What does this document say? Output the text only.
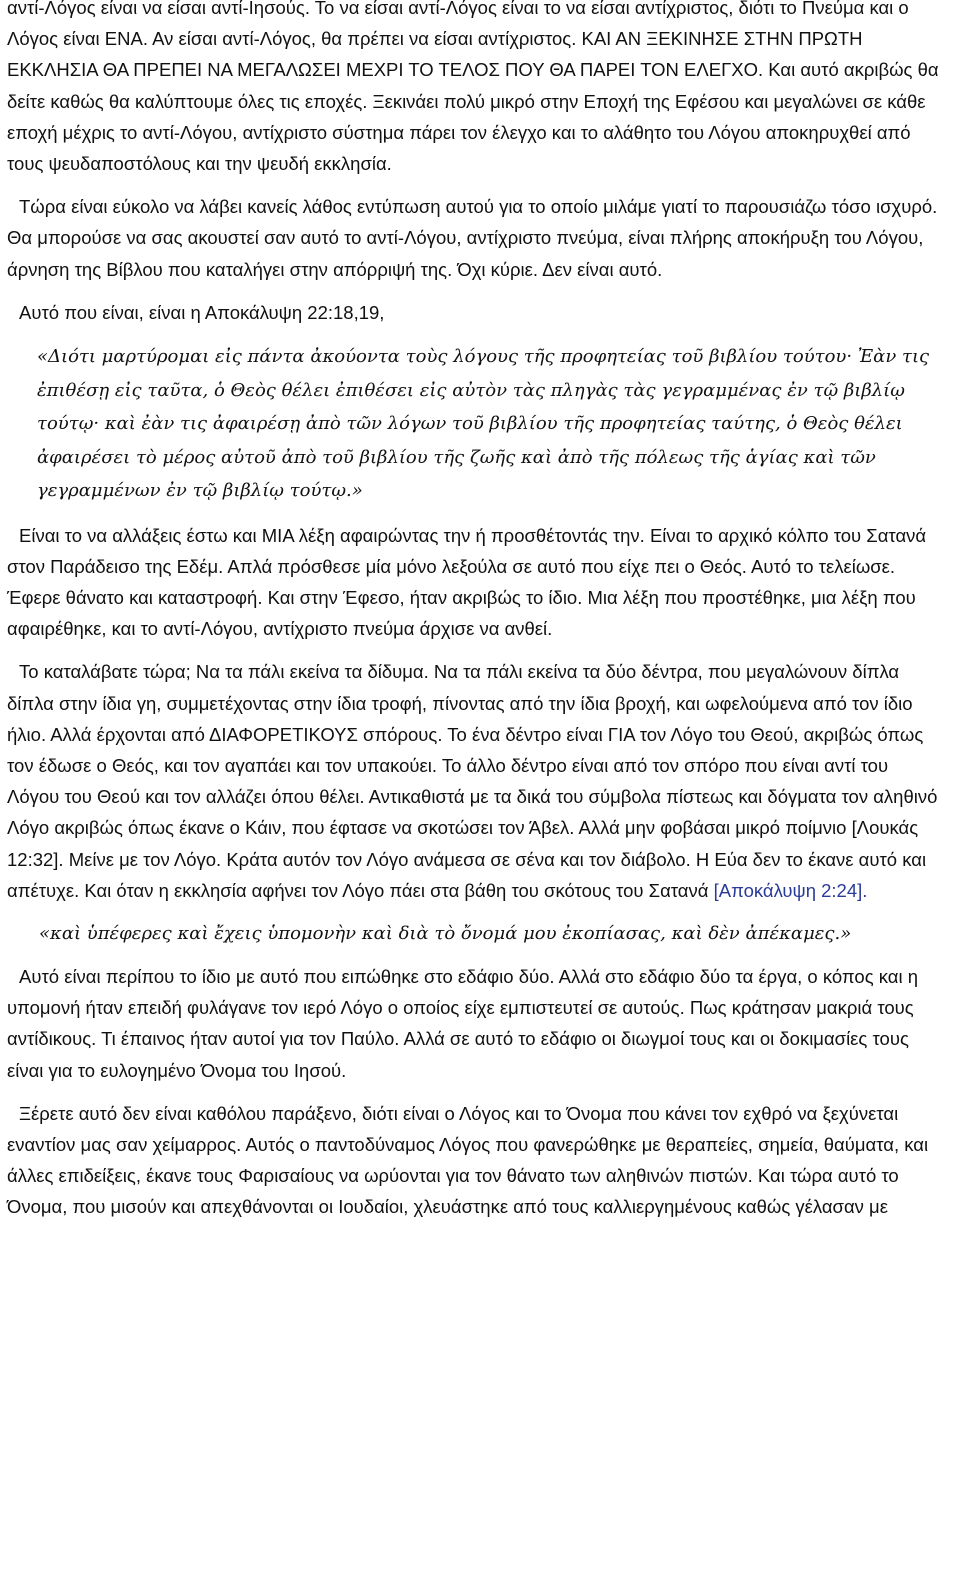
αντί-Λόγος είναι να είσαι αντί-Ιησούς. Το να είσαι αντί-Λόγος είναι το να είσαι αντίχριστος, διότι το Πνεύμα και ο Λόγος είναι ΕΝΑ. Αν είσαι αντί-Λόγος, θα πρέπει να είσαι αντίχριστος. ΚΑΙ ΑΝ ΞΕΚΙΝΗΣΕ ΣΤΗΝ ΠΡΩΤΗ ΕΚΚΛΗΣΙΑ ΘΑ ΠΡΕΠΕΙ ΝΑ ΜΕΓΑΛΩΣΕΙ ΜΕΧΡΙ ΤΟ ΤΕΛΟΣ ΠΟΥ ΘΑ ΠΑΡΕΙ ΤΟΝ ΕΛΕΓΧΟ. Και αυτό ακριβώς θα δείτε καθώς θα καλύπτουμε όλες τις εποχές. Ξεκινάει πολύ μικρό στην Εποχή της Εφέσου και μεγαλώνει σε κάθε εποχή μέχρις το αντί-Λόγου, αντίχριστο σύστημα πάρει τον έλεγχο και το αλάθητο του Λόγου αποκηρυχθεί από τους ψευδαποστόλους και την ψευδή εκκλησία.

Τώρα είναι εύκολο να λάβει κανείς λάθος εντύπωση αυτού για το οποίο μιλάμε γιατί το παρουσιάζω τόσο ισχυρό. Θα μπορούσε να σας ακουστεί σαν αυτό το αντί-Λόγου, αντίχριστο πνεύμα, είναι πλήρης αποκήρυξη του Λόγου, άρνηση της Βίβλου που καταλήγει στην απόρριψή της. Όχι κύριε. Δεν είναι αυτό.

Αυτό που είναι, είναι η Αποκάλυψη 22:18,19,

«Διότι μαρτύρομαι εἰς πάντα ἀκούοντα τοὺς λόγους τῆς προφητείας τοῦ βιβλίου τούτου· Ἐὰν τις ἐπιθέσῃ εἰς ταῦτα, ὁ Θεὸς θέλει ἐπιθέσει εἰς αὐτὸν τὰς πληγὰς τὰς γεγραμμένας ἐν τῷ βιβλίῳ τούτῳ· καὶ ἐὰν τις ἀφαιρέσῃ ἀπὸ τῶν λόγων τοῦ βιβλίου τῆς προφητείας ταύτης, ὁ Θεὸς θέλει ἀφαιρέσει τὸ μέρος αὐτοῦ ἀπὸ τοῦ βιβλίου τῆς ζωῆς καὶ ἀπὸ τῆς πόλεως τῆς ἁγίας καὶ τῶν γεγραμμένων ἐν τῷ βιβλίῳ τούτῳ.»

Είναι το να αλλάξεις έστω και ΜΙΑ λέξη αφαιρώντας την ή προσθέτοντάς την. Είναι το αρχικό κόλπο του Σατανά στον Παράδεισο της Εδέμ. Απλά πρόσθεσε μία μόνο λεξούλα σε αυτό που είχε πει ο Θεός. Αυτό το τελείωσε. Έφερε θάνατο και καταστροφή. Και στην Έφεσο, ήταν ακριβώς το ίδιο. Μια λέξη που προστέθηκε, μια λέξη που αφαιρέθηκε, και το αντί-Λόγου, αντίχριστο πνεύμα άρχισε να ανθεί.

Το καταλάβατε τώρα; Να τα πάλι εκείνα τα δίδυμα. Να τα πάλι εκείνα τα δύο δέντρα, που μεγαλώνουν δίπλα δίπλα στην ίδια γη, συμμετέχοντας στην ίδια τροφή, πίνοντας από την ίδια βροχή, και ωφελούμενα από τον ίδιο ήλιο. Αλλά έρχονται από ΔΙΑΦΟΡΕΤΙΚΟΥΣ σπόρους. Το ένα δέντρο είναι ΓΙΑ τον Λόγο του Θεού, ακριβώς όπως τον έδωσε ο Θεός, και τον αγαπάει και τον υπακούει. Το άλλο δέντρο είναι από τον σπόρο που είναι αντί του Λόγου του Θεού και τον αλλάζει όπου θέλει. Αντικαθιστά με τα δικά του σύμβολα πίστεως και δόγματα τον αληθινό Λόγο ακριβώς όπως έκανε ο Κάιν, που έφτασε να σκοτώσει τον Άβελ. Αλλά μην φοβάσαι μικρό ποίμνιο [Λουκάς 12:32]. Μείνε με τον Λόγο. Κράτα αυτόν τον Λόγο ανάμεσα σε σένα και τον διάβολο. Η Εύα δεν το έκανε αυτό και απέτυχε. Και όταν η εκκλησία αφήνει τον Λόγο πάει στα βάθη του σκότους του Σατανά [Αποκάλυψη 2:24].

«καὶ ὑπέφερες καὶ ἔχεις ὑπομονὴν καὶ διὰ τὸ ὄνομά μου ἐκοπίασας, καὶ δὲν ἀπέκαμες.»

Αυτό είναι περίπου το ίδιο με αυτό που ειπώθηκε στο εδάφιο δύο. Αλλά στο εδάφιο δύο τα έργα, ο κόπος και η υπομονή ήταν επειδή φυλάγανε τον ιερό Λόγο ο οποίος είχε εμπιστευτεί σε αυτούς. Πως κράτησαν μακριά τους αντίδικους. Τι έπαινος ήταν αυτοί για τον Παύλο. Αλλά σε αυτό το εδάφιο οι διωγμοί τους και οι δοκιμασίες τους είναι για το ευλογημένο Όνομα του Ιησού.

Ξέρετε αυτό δεν είναι καθόλου παράξενο, διότι είναι ο Λόγος και το Όνομα που κάνει τον εχθρό να ξεχύνεται εναντίον μας σαν χείμαρρος. Αυτός ο παντοδύναμος Λόγος που φανερώθηκε με θεραπείες, σημεία, θαύματα, και άλλες επιδείξεις, έκανε τους Φαρισαίους να ωρύονται για τον θάνατο των αληθινών πιστών. Και τώρα αυτό το Όνομα, που μισούν και απεχθάνονται οι Ιουδαίοι, χλευάστηκε από τους καλλιεργημένους καθώς γέλασαν με
